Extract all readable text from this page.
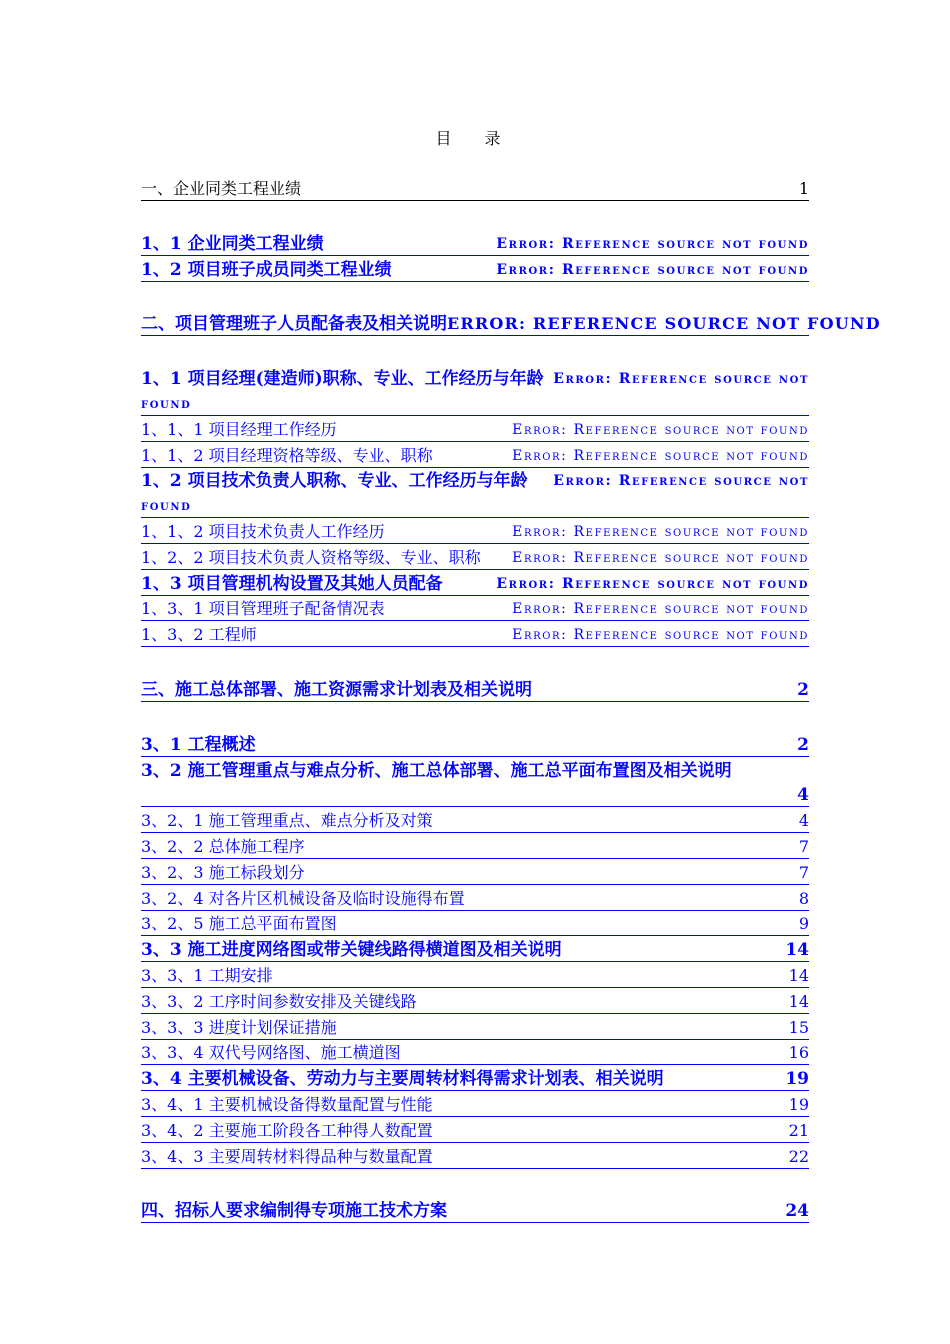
目 录
一、企业同类工程业绩	1
1、1 企业同类工程业绩	Error: Reference source not found
1、2 项目班子成员同类工程业绩	Error: Reference source not found
二、项目管理班子人员配备表及相关说明 ERROR: REFERENCE SOURCE NOT FOUND
1、1 项目经理(建造师)职称、专业、工作经历与年龄 Error: Reference source not
found
1、1、1 项目经理工作经历	Error: Reference source not found
1、1、2 项目经理资格等级、专业、职称	Error: Reference source not found
1、2 项目技术负责人职称、专业、工作经历与年龄	Error: Reference source not
found
1、1、2 项目技术负责人工作经历	Error: Reference source not found
1、2、2 项目技术负责人资格等级、专业、职称	Error: Reference source not found
1、3 项目管理机构设置及其她人员配备	Error: Reference source not found
1、3、1 项目管理班子配备情况表	Error: Reference source not found
1、3、2 工程师	Error: Reference source not found
三、施工总体部署、施工资源需求计划表及相关说明	2
3、1 工程概述	2
3、2 施工管理重点与难点分析、施工总体部署、施工总平面布置图及相关说明
4
3、2、1 施工管理重点、难点分析及对策	4
3、2、2 总体施工程序	7
3、2、3 施工标段划分	7
3、2、4 对各片区机械设备及临时设施得布置	8
3、2、5 施工总平面布置图	9
3、3 施工进度网络图或带关键线路得横道图及相关说明	14
3、3、1 工期安排	14
3、3、2 工序时间参数安排及关键线路	14
3、3、3 进度计划保证措施	15
3、3、4 双代号网络图、施工横道图	16
3、4 主要机械设备、劳动力与主要周转材料得需求计划表、相关说明	19
3、4、1 主要机械设备得数量配置与性能	19
3、4、2 主要施工阶段各工种得人数配置	21
3、4、3 主要周转材料得品种与数量配置	22
四、招标人要求编制得专项施工技术方案	24
